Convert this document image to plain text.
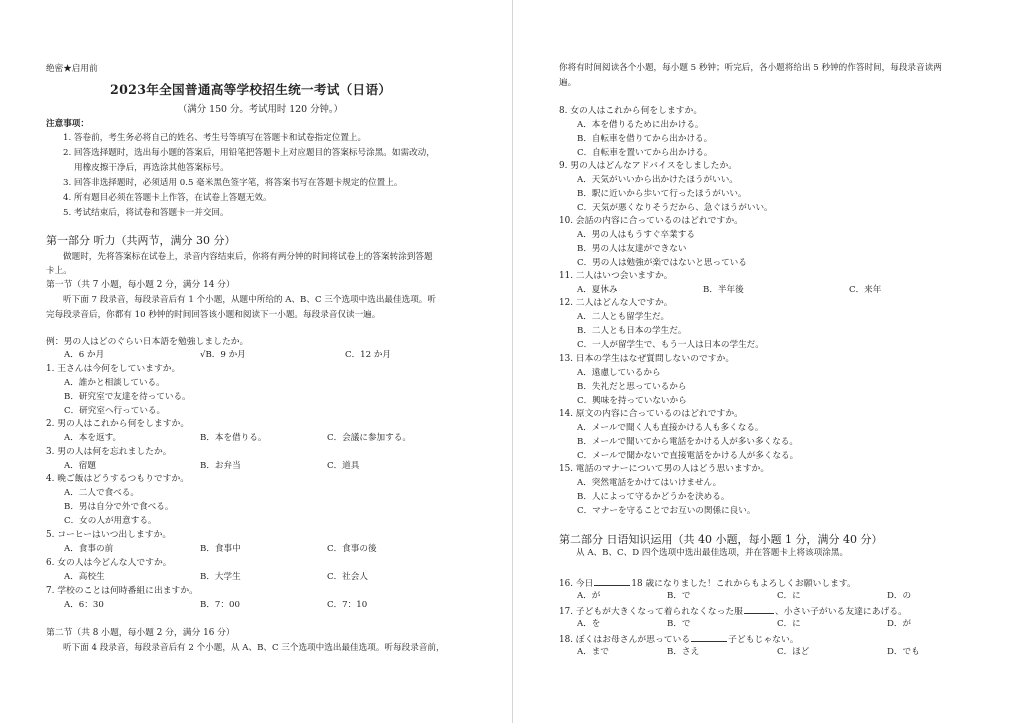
绝密★启用前
2023年全国普通高等学校招生统一考试（日语）
（满分 150 分。考试用时 120 分钟。）
注意事项：
1. 答卷前，考生务必将自己的姓名、考生号等填写在答题卡和试卷指定位置上。
2. 回答选择题时，选出每小题的答案后，用铅笔把答题卡上对应题目的答案标号涂黑。如需改动，
用橡皮擦干净后，再选涂其他答案标号。
3. 回答非选择题时，必须适用 0.5 毫米黑色签字笔，将答案书写在答题卡规定的位置上。
4. 所有题目必须在答题卡上作答，在试卷上答题无效。
5. 考试结束后，将试卷和答题卡一并交回。
第一部分 听力（共两节，满分 30 分）
做题时，先将答案标在试卷上，录音内容结束后，你将有两分钟的时间将试卷上的答案转涂到答题
卡上。
第一节（共 7 小题，每小题 2 分，满分 14 分）
听下面 7 段录音，每段录音后有 1 个小题，从题中所给的 A、B、C 三个选项中选出最佳选项。听
完每段录音后，你都有 10 秒钟的时间回答该小题和阅读下一小题。每段录音仅读一遍。
例：男の人はどのぐらい日本語を勉強しましたか。
A．6 か月	√B．9 か月	C．12 か月
1. 王さんは今何をしていますか。
A．誰かと相談している。
B．研究室で友達を待っている。
C．研究室へ行っている。
2. 男の人はこれから何をしますか。
A．本を返す。	B．本を借りる。	C．会議に参加する。
3. 男の人は何を忘れましたか。
A．宿題	B．お弁当	C．道具
4. 晩ご飯はどうするつもりですか。
A．二人で食べる。
B．男は自分で外で食べる。
C．女の人が用意する。
5. コーヒーはいつ出しますか。
A．食事の前	B．食事中	C．食事の後
6. 女の人は今どんな人ですか。
A．高校生	B．大学生	C．社会人
7. 学校のことは何時番組に出ますか。
A．6：30	B．7：00	C．7：10
第二节（共 8 小题，每小题 2 分，满分 16 分）
听下面 4 段录音，每段录音后有 2 个小题，从 A、B、C 三个选项中选出最佳选项。听每段录音前，
你将有时间阅读各个小题，每小题 5 秒钟；听完后，各小题将给出 5 秒钟的作答时间，每段录音读两
遍。
8. 女の人はこれから何をしますか。
A．本を借りるために出かける。
B．自転車を借りてから出かける。
C．自転車を置いてから出かける。
9. 男の人はどんなアドバイスをしましたか。
A．天気がいいから出かけたほうがいい。
B．駅に近いから歩いて行ったほうがいい。
C．天気が悪くなりそうだから、急ぐほうがいい。
10. 会話の内容に合っているのはどれですか。
A．男の人はもうすぐ卒業する
B．男の人は友達ができない
C．男の人は勉強が楽ではないと思っている
11. 二人はいつ会いますか。
A．夏休み	B．半年後	C．来年
12. 二人はどんな人ですか。
A．二人とも留学生だ。
B．二人とも日本の学生だ。
C．一人が留学生で、もう一人は日本の学生だ。
13. 日本の学生はなぜ質問しないのですか。
A．遠慮しているから
B．失礼だと思っているから
C．興味を持っていないから
14. 原文の内容に合っているのはどれですか。
A．メールで聞く人も直接かける人も多くなる。
B．メールで聞いてから電話をかける人が多い多くなる。
C．メールで聞かないで直接電話をかける人が多くなる。
15. 電話のマナーについて男の人はどう思いますか。
A．突然電話をかけてはいけません。
B．人によって守るかどうかを決める。
C．マナーを守ることでお互いの関係に良い。
第二部分 日语知识运用（共 40 小题，每小题 1 分，满分 40 分）
从 A、B、C、D 四个选项中选出最佳选项，并在答题卡上将该项涂黑。
16. 今日	18 歳になりました！これからもよろしくお願いします。
A．が	B．で	C．に	D．の
17. 子どもが大きくなって着られなくなった服	、小さい子がいる友達にあげる。
A．を	B．で	C．に	D．が
18. ぼくはお母さんが思っている	子どもじゃない。
A．まで	B．さえ	C．ほど	D．でも
